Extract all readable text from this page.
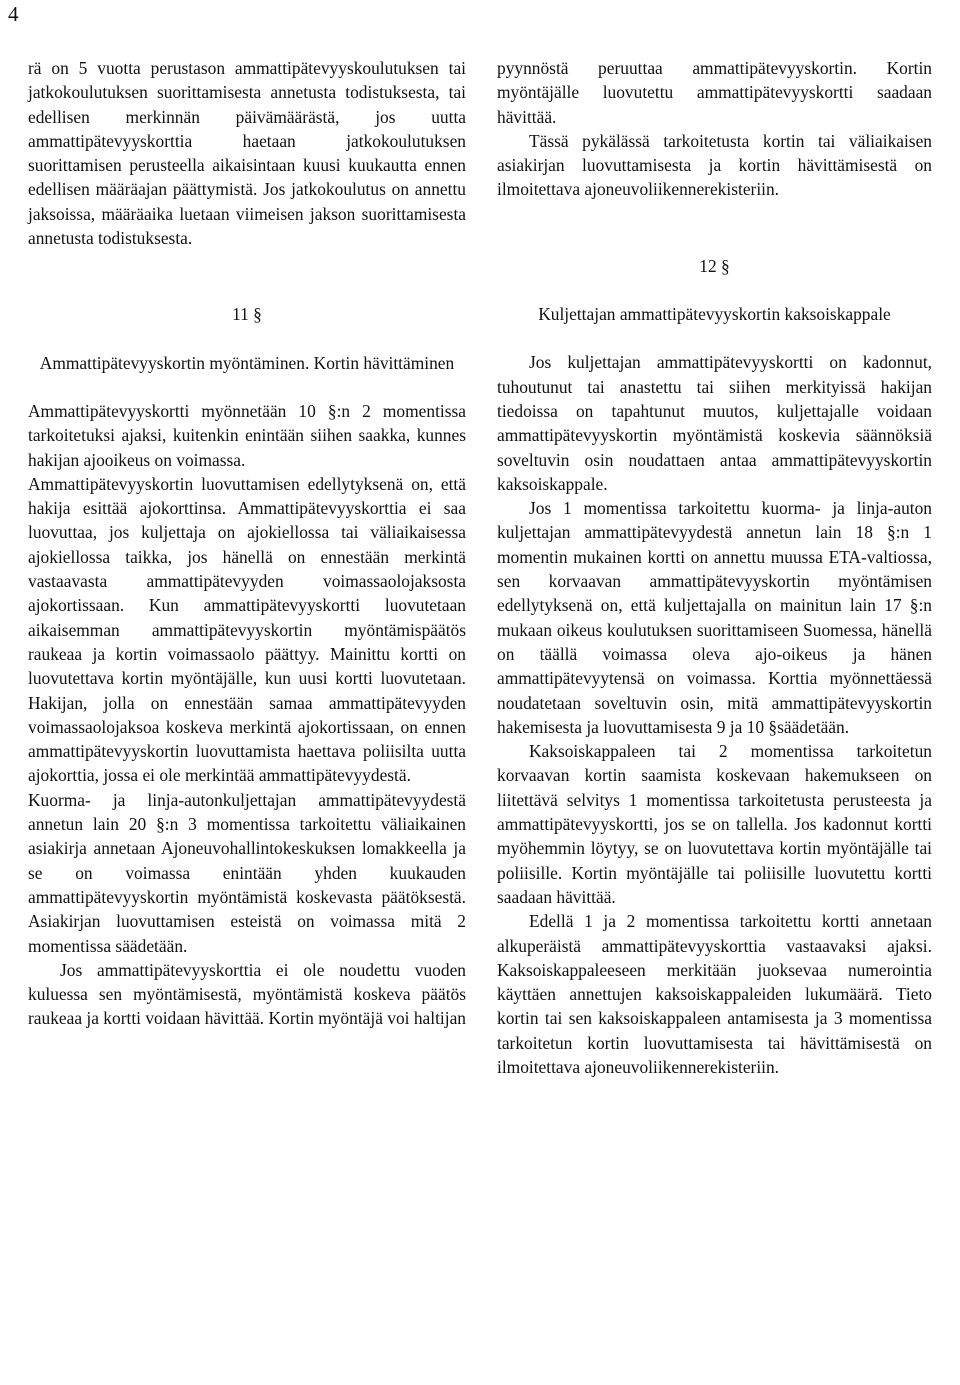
4

rä on 5 vuotta perustason ammattipätevyyskoulutuksen tai jatkokoulutuksen suorittamisesta annetusta todistuksesta, tai edellisen merkinnän päivämäärästä, jos uutta ammattipätevyyskorttia haetaan jatkokoulutuksen suorittamisen perusteella aikaisintaan kuusi kuukautta ennen edellisen määräajan päättymistä. Jos jatkokoulutus on annettu jaksoissa, määräaika luetaan viimeisen jakson suorittamisesta annetusta todistuksesta.

11 §

Ammattipätevyyskortin myöntäminen. Kortin hävittäminen

Ammattipätevyyskortti myönnetään 10 §:n 2 momentissa tarkoitetuksi ajaksi, kuitenkin enintään siihen saakka, kunnes hakijan ajooikeus on voimassa.

Ammattipätevyyskortin luovuttamisen edellytyksenä on, että hakija esittää ajokorttinsa. Ammattipätevyyskorttia ei saa luovuttaa, jos kuljettaja on ajokiellossa tai väliaikaisessa ajokiellossa taikka, jos hänellä on ennestään merkintä vastaavasta ammattipätevyyden voimassaolojaksosta ajokortissaan. Kun ammattipätevyyskortti luovutetaan aikaisemman ammattipätevyyskortin myöntämispäätös raukeaa ja kortin voimassaolo päättyy. Mainittu kortti on luovutettava kortin myöntäjälle, kun uusi kortti luovutetaan. Hakijan, jolla on ennestään samaa ammattipätevyyden voimassaolojaksoa koskeva merkintä ajokortissaan, on ennen ammattipätevyyskortin luovuttamista haettava poliisilta uutta ajokorttia, jossa ei ole merkintää ammattipätevyydestä.

Kuorma- ja linja-autonkuljettajan ammattipätevyydestä annetun lain 20 §:n 3 momentissa tarkoitettu väliaikainen asiakirja annetaan Ajoneuvohallintokeskuksen lomakkeella ja se on voimassa enintään yhden kuukauden ammattipätevyyskortin myöntämistä koskevasta päätöksestä. Asiakirjan luovuttamisen esteistä on voimassa mitä 2 momentissa säädetään.

Jos ammattipätevyyskorttia ei ole noudettu vuoden kuluessa sen myöntämisestä, myöntämistä koskeva päätös raukeaa ja kortti voidaan hävittää. Kortin myöntäjä voi haltijan

pyynnöstä peruuttaa ammattipätevyyskortin. Kortin myöntäjälle luovutettu ammattipätevyyskortti saadaan hävittää.

Tässä pykälässä tarkoitetusta kortin tai väliaikaisen asiakirjan luovuttamisesta ja kortin hävittämisestä on ilmoitettava ajoneuvoliikennerekisteriin.

12 §

Kuljettajan ammattipätevyyskortin kaksoiskappale

Jos kuljettajan ammattipätevyyskortti on kadonnut, tuhoutunut tai anastettu tai siihen merkityissä hakijan tiedoissa on tapahtunut muutos, kuljettajalle voidaan ammattipätevyyskortin myöntämistä koskevia säännöksiä soveltuvin osin noudattaen antaa ammattipätevyyskortin kaksoiskappale.

Jos 1 momentissa tarkoitettu kuorma- ja linja-auton kuljettajan ammattipätevyydestä annetun lain 18 §:n 1 momentin mukainen kortti on annettu muussa ETA-valtiossa, sen korvaavan ammattipätevyyskortin myöntämisen edellytyksenä on, että kuljettajalla on mainitun lain 17 §:n mukaan oikeus koulutuksen suorittamiseen Suomessa, hänellä on täällä voimassa oleva ajo-oikeus ja hänen ammattipätevyytensä on voimassa. Korttia myönnettäessä noudatetaan soveltuvin osin, mitä ammattipätevyyskortin hakemisesta ja luovuttamisesta 9 ja 10 §säädetään.

Kaksoiskappaleen tai 2 momentissa tarkoitetun korvaavan kortin saamista koskevaan hakemukseen on liitettävä selvitys 1 momentissa tarkoitetusta perusteesta ja ammattipätevyyskortti, jos se on tallella. Jos kadonnut kortti myöhemmin löytyy, se on luovutettava kortin myöntäjälle tai poliisille. Kortin myöntäjälle tai poliisille luovutettu kortti saadaan hävittää.

Edellä 1 ja 2 momentissa tarkoitettu kortti annetaan alkuperäistä ammattipätevyyskorttia vastaavaksi ajaksi. Kaksoiskappaleeseen merkitään juoksevaa numerointia käyttäen annettujen kaksoiskappaleiden lukumäärä. Tieto kortin tai sen kaksoiskappaleen antamisesta ja 3 momentissa tarkoitetun kortin luovuttamisesta tai hävittämisestä on ilmoitettava ajoneuvoliikennerekisteriin.
